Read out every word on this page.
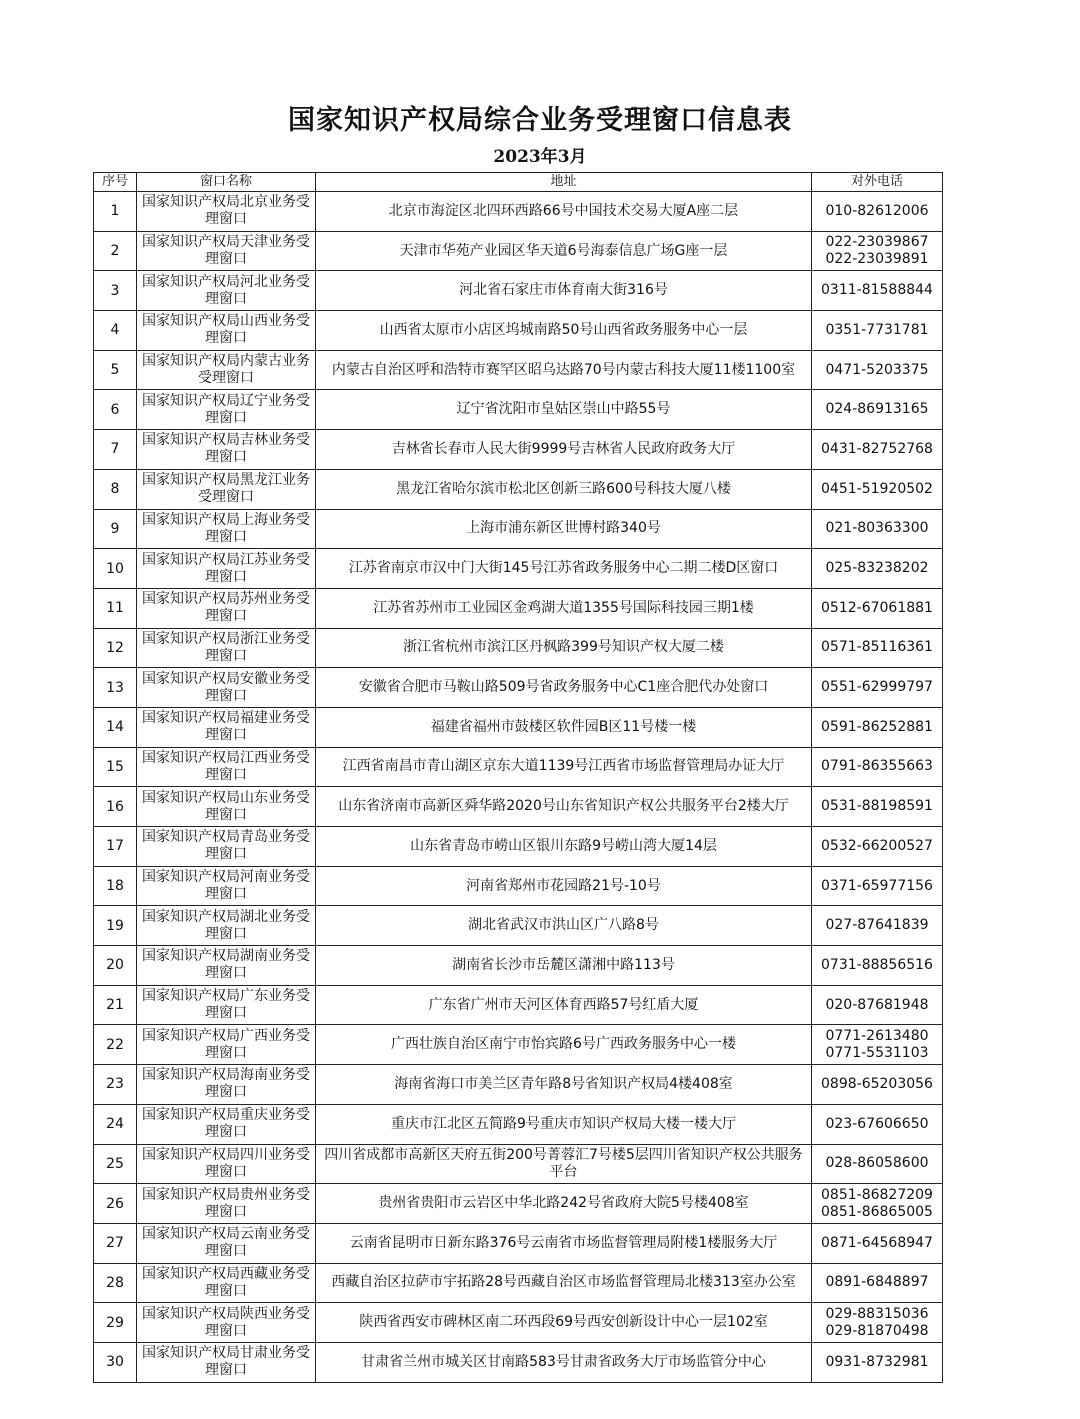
国家知识产权局综合业务受理窗口信息表
2023年3月
序号	窗口名称	地址	对外电话
1	国家知识产权局北京业务受理窗口	北京市海淀区北四环西路66号中国技术交易大厦A座二层	010-82612006
2	国家知识产权局天津业务受理窗口	天津市华苑产业园区华天道6号海泰信息广场G座一层	022-23039867
022-23039891
3	国家知识产权局河北业务受理窗口	河北省石家庄市体育南大街316号	0311-81588844
4	国家知识产权局山西业务受理窗口	山西省太原市小店区坞城南路50号山西省政务服务中心一层	0351-7731781
5	国家知识产权局内蒙古业务受理窗口	内蒙古自治区呼和浩特市赛罕区昭乌达路70号内蒙古科技大厦11楼1100室	0471-5203375
6	国家知识产权局辽宁业务受理窗口	辽宁省沈阳市皇姑区崇山中路55号	024-86913165
7	国家知识产权局吉林业务受理窗口	吉林省长春市人民大街9999号吉林省人民政府政务大厅	0431-82752768
8	国家知识产权局黑龙江业务受理窗口	黑龙江省哈尔滨市松北区创新三路600号科技大厦八楼	0451-51920502
9	国家知识产权局上海业务受理窗口	上海市浦东新区世博村路340号	021-80363300
10	国家知识产权局江苏业务受理窗口	江苏省南京市汉中门大街145号江苏省政务服务中心二期二楼D区窗口	025-83238202
11	国家知识产权局苏州业务受理窗口	江苏省苏州市工业园区金鸡湖大道1355号国际科技园三期1楼	0512-67061881
12	国家知识产权局浙江业务受理窗口	浙江省杭州市滨江区丹枫路399号知识产权大厦二楼	0571-85116361
13	国家知识产权局安徽业务受理窗口	安徽省合肥市马鞍山路509号省政务服务中心C1座合肥代办处窗口	0551-62999797
14	国家知识产权局福建业务受理窗口	福建省福州市鼓楼区软件园B区11号楼一楼	0591-86252881
15	国家知识产权局江西业务受理窗口	江西省南昌市青山湖区京东大道1139号江西省市场监督管理局办证大厅	0791-86355663
16	国家知识产权局山东业务受理窗口	山东省济南市高新区舜华路2020号山东省知识产权公共服务平台2楼大厅	0531-88198591
17	国家知识产权局青岛业务受理窗口	山东省青岛市崂山区银川东路9号崂山湾大厦14层	0532-66200527
18	国家知识产权局河南业务受理窗口	河南省郑州市花园路21号-10号	0371-65977156
19	国家知识产权局湖北业务受理窗口	湖北省武汉市洪山区广八路8号	027-87641839
20	国家知识产权局湖南业务受理窗口	湖南省长沙市岳麓区潇湘中路113号	0731-88856516
21	国家知识产权局广东业务受理窗口	广东省广州市天河区体育西路57号红盾大厦	020-87681948
22	国家知识产权局广西业务受理窗口	广西壮族自治区南宁市怡宾路6号广西政务服务中心一楼	0771-2613480
0771-5531103
23	国家知识产权局海南业务受理窗口	海南省海口市美兰区青年路8号省知识产权局4楼408室	0898-65203056
24	国家知识产权局重庆业务受理窗口	重庆市江北区五简路9号重庆市知识产权局大楼一楼大厅	023-67606650
25	国家知识产权局四川业务受理窗口	四川省成都市高新区天府五街200号菁蓉汇7号楼5层四川省知识产权公共服务平台	028-86058600
26	国家知识产权局贵州业务受理窗口	贵州省贵阳市云岩区中华北路242号省政府大院5号楼408室	0851-86827209
0851-86865005
27	国家知识产权局云南业务受理窗口	云南省昆明市日新东路376号云南省市场监督管理局附楼1楼服务大厅	0871-64568947
28	国家知识产权局西藏业务受理窗口	西藏自治区拉萨市宇拓路28号西藏自治区市场监督管理局北楼313室办公室	0891-6848897
29	国家知识产权局陕西业务受理窗口	陕西省西安市碑林区南二环西段69号西安创新设计中心一层102室	029-88315036
029-81870498
30	国家知识产权局甘肃业务受理窗口	甘肃省兰州市城关区甘南路583号甘肃省政务大厅市场监管分中心	0931-8732981
